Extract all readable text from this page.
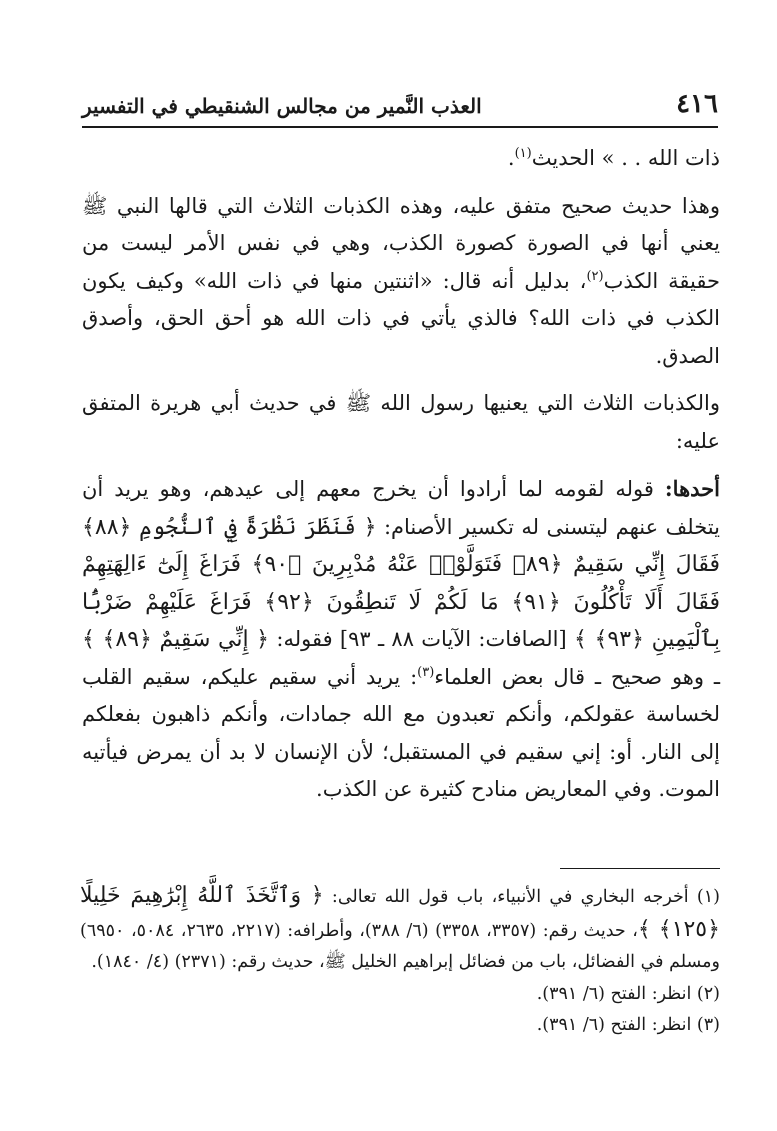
٤١٦
العذب النَّمير من مجالس الشنقيطي في التفسير

ذات الله . . » الحديث$^{(١)}$.

وهذا حديث صحيح متفق عليه، وهذه الكذبات الثلاث التي قالها النبي ﷺ يعني أنها في الصورة كصورة الكذب، وهي في نفس الأمر ليست من حقيقة الكذب$^{(٢)}$، بدليل أنه قال: «اثنتين منها في ذات الله» وكيف يكون الكذب في ذات الله؟ فالذي يأتي في ذات الله هو أحق الحق، وأصدق الصدق.

والكذبات الثلاث التي يعنيها رسول الله ﷺ في حديث أبي هريرة المتفق عليه:

أحدها: قوله لقومه لما أرادوا أن يخرج معهم إلى عيدهم، وهو يريد أن يتخلف عنهم ليتسنى له تكسير الأصنام: ﴿ فَنَظَرَ نَظْرَةً فِي ٱلنُّجُومِ ﴿٨٨﴾ فَقَالَ إِنِّي سَقِيمٌ ﴿٨٩﴾ فَتَوَلَّوْا۟ عَنْهُ مُدْبِرِينَ ﴿٩٠﴾ فَرَاغَ إِلَىٰٓ ءَالِهَتِهِمْ فَقَالَ أَلَا تَأْكُلُونَ ﴿٩١﴾ مَا لَكُمْ لَا تَنطِقُونَ ﴿٩٢﴾ فَرَاغَ عَلَيْهِمْ ضَرْبًۢا بِٱلْيَمِينِ ﴿٩٣﴾ ﴾ [الصافات: الآيات ٨٨ ـ ٩٣] فقوله: ﴿ إِنِّي سَقِيمٌ ﴿٨٩﴾ ﴾ ـ وهو صحيح ـ قال بعض العلماء$^{(٣)}$: يريد أني سقيم عليكم، سقيم القلب لخساسة عقولكم، وأنكم تعبدون مع الله جمادات، وأنكم ذاهبون بفعلكم إلى النار. أو: إني سقيم في المستقبل؛ لأن الإنسان لا بد أن يمرض فيأتيه الموت. وفي المعاريض منادح كثيرة عن الكذب.

(١) أخرجه البخاري في الأنبياء، باب قول الله تعالى: ﴿ وَٱتَّخَذَ ٱللَّهُ إِبْرَٰهِيمَ خَلِيلًا ﴿١٢٥﴾ ﴾، حديث رقم: (٣٣٥٧، ٣٣٥٨) (٦/ ٣٨٨)، وأطرافه: (٢٢١٧، ٢٦٣٥، ٥٠٨٤، ٦٩٥٠) ومسلم في الفضائل، باب من فضائل إبراهيم الخليل ﷺ، حديث رقم: (٢٣٧١) (٤/ ١٨٤٠).

(٢) انظر: الفتح (٦/ ٣٩١).

(٣) انظر: الفتح (٦/ ٣٩١).
